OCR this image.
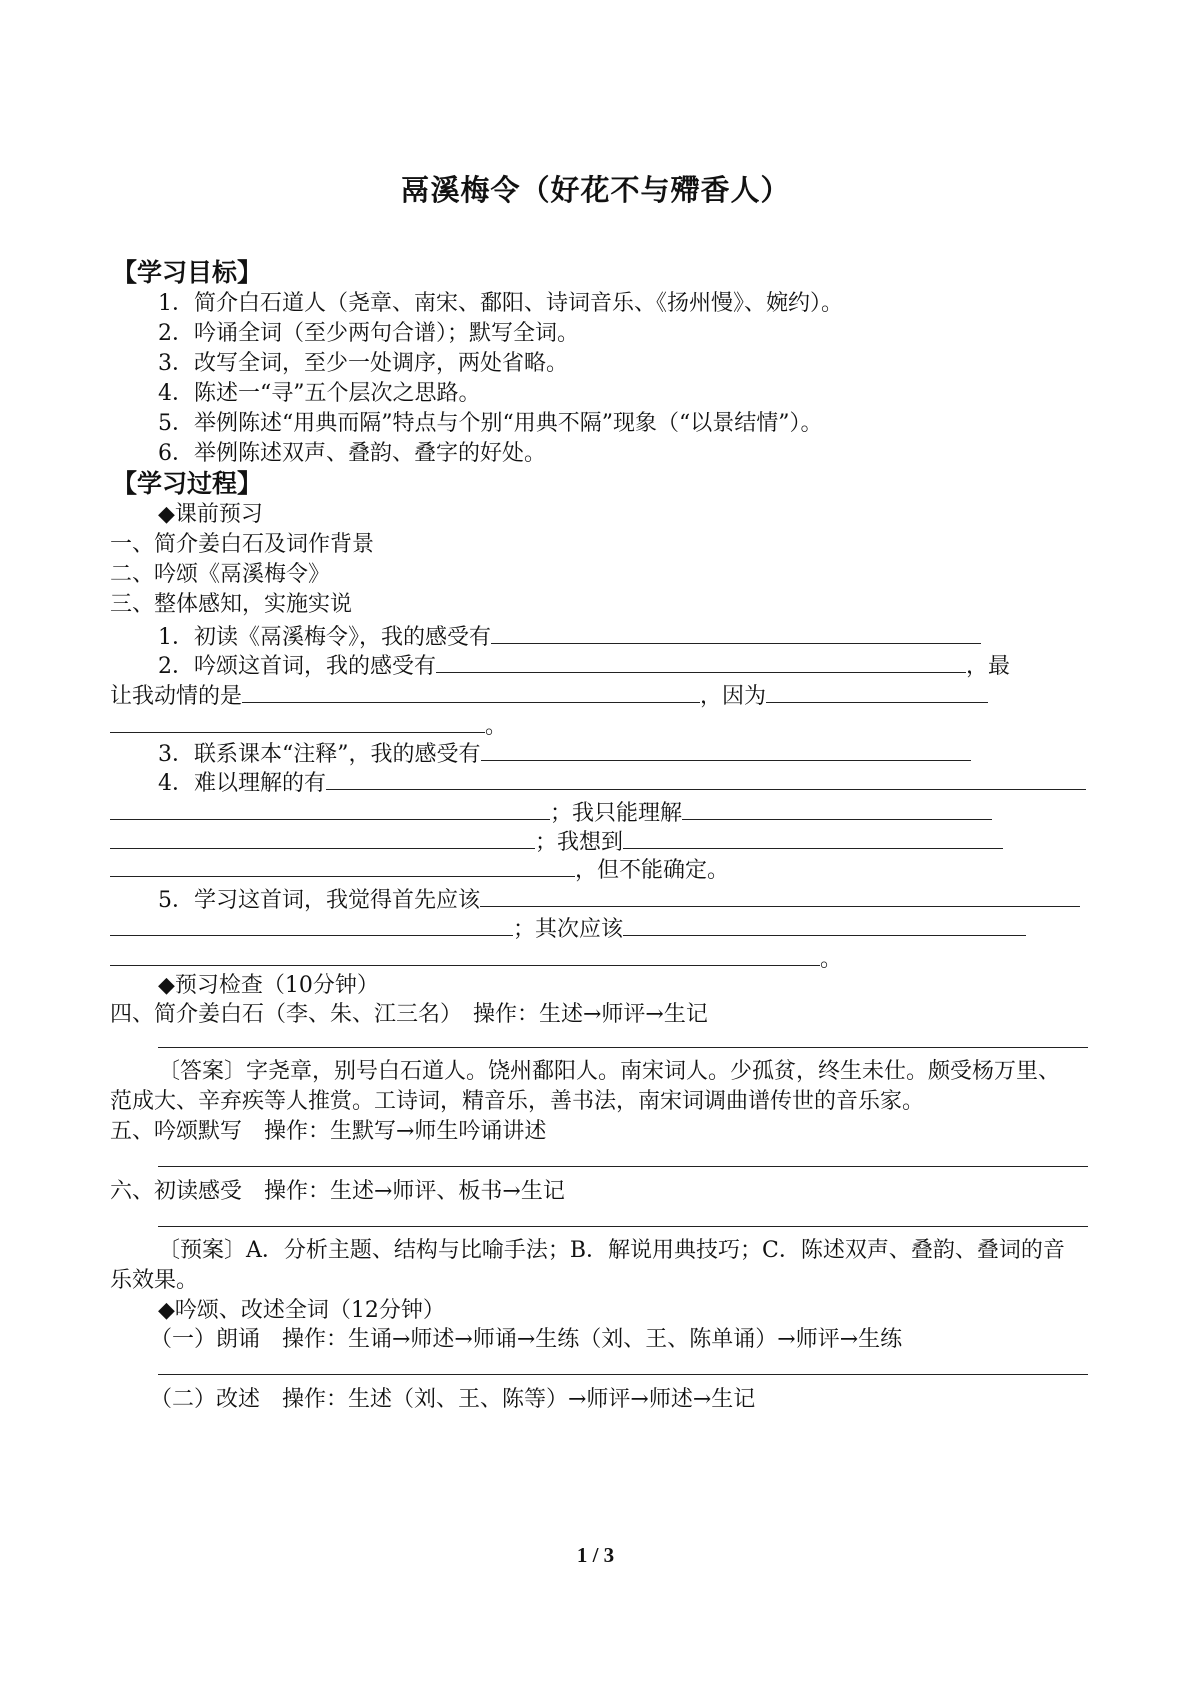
鬲溪梅令（好花不与殢香人）
【学习目标】
1．简介白石道人（尧章、南宋、鄱阳、诗词音乐、《扬州慢》、婉约）。
2．吟诵全词（至少两句合谱）；默写全词。
3．改写全词，至少一处调序，两处省略。
4．陈述一“寻”五个层次之思路。
5．举例陈述“用典而隔”特点与个别“用典不隔”现象（“以景结情”）。
6．举例陈述双声、叠韵、叠字的好处。
【学习过程】
◆课前预习
一、简介姜白石及词作背景
二、吟颂《鬲溪梅令》
三、整体感知，实施实说
1．初读《鬲溪梅令》，我的感受有
2．吟颂这首词，我的感受有	，最
让我动情的是	，因为
。
3．联系课本“注释”，我的感受有
4．难以理解的有
；我只能理解
；我想到
，但不能确定。
5．学习这首词，我觉得首先应该
；其次应该
。
◆预习检查（10分钟）
四、简介姜白石（李、朱、江三名）　操作：生述→师评→生记
〔答案〕字尧章，别号白石道人。饶州鄱阳人。南宋词人。少孤贫，终生未仕。颇受杨万里、
范成大、辛弃疾等人推赏。工诗词，精音乐，善书法，南宋词调曲谱传世的音乐家。
五、吟颂默写　操作：生默写→师生吟诵讲述
六、初读感受　操作：生述→师评、板书→生记
〔预案〕A．分析主题、结构与比喻手法；B．解说用典技巧；C．陈述双声、叠韵、叠词的音
乐效果。
◆吟颂、改述全词（12分钟）
（一）朗诵　操作：生诵→师述→师诵→生练（刘、王、陈单诵）→师评→生练
（二）改述　操作：生述（刘、王、陈等）→师评→师述→生记
1 / 3
